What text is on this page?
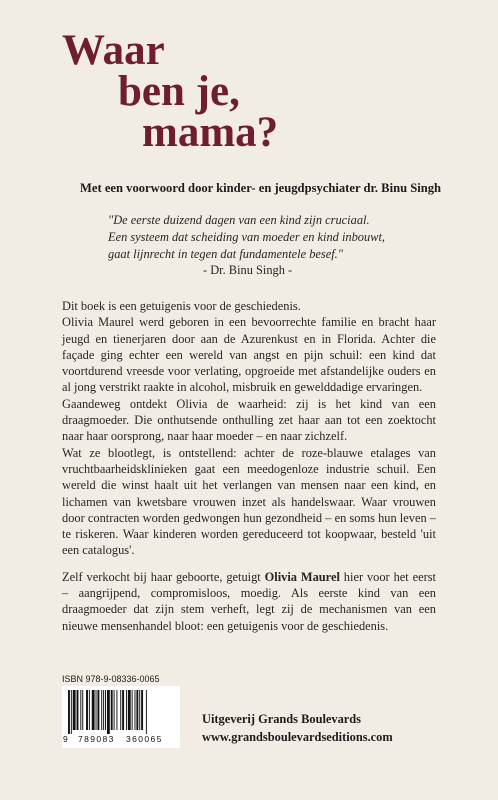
Waar
ben je,
mama?

Met een voorwoord door kinder- en jeugdpsychiater dr. Binu Singh

"De eerste duizend dagen van een kind zijn cruciaal.
Een systeem dat scheiding van moeder en kind inbouwt,
gaat lijnrecht in tegen dat fundamentele besef."
- Dr. Binu Singh -

Dit boek is een getuigenis voor de geschiedenis.

Olivia Maurel werd geboren in een bevoorrechte familie en bracht haar jeugd en tienerjaren door aan de Azurenkust en in Florida. Achter die façade ging echter een wereld van angst en pijn schuil: een kind dat voortdurend vreesde voor verlating, opgroeide met afstandelijke ouders en al jong verstrikt raakte in alcohol, misbruik en gewelddadige ervaringen.

Gaandeweg ontdekt Olivia de waarheid: zij is het kind van een draagmoeder. Die onthutsende onthulling zet haar aan tot een zoektocht naar haar oorsprong, naar haar moeder – en naar zichzelf.

Wat ze blootlegt, is ontstellend: achter de roze-blauwe etalages van vruchtbaarheidsklinieken gaat een meedogenloze industrie schuil. Een wereld die winst haalt uit het verlangen van mensen naar een kind, en lichamen van kwetsbare vrouwen inzet als handelswaar. Waar vrouwen door contracten worden gedwongen hun gezondheid – en soms hun leven – te riskeren. Waar kinderen worden gereduceerd tot koopwaar, besteld 'uit een catalogus'.

Zelf verkocht bij haar geboorte, getuigt Olivia Maurel hier voor het eerst – aangrijpend, compromisloos, moedig. Als eerste kind van een draagmoeder dat zijn stem verheft, legt zij de mechanismen van een nieuwe mensenhandel bloot: een getuigenis voor de geschiedenis.

ISBN 978-9-08336-0065
9 789083 360065
Uitgeverij Grands Boulevards
www.grandsboulevardseditions.com
